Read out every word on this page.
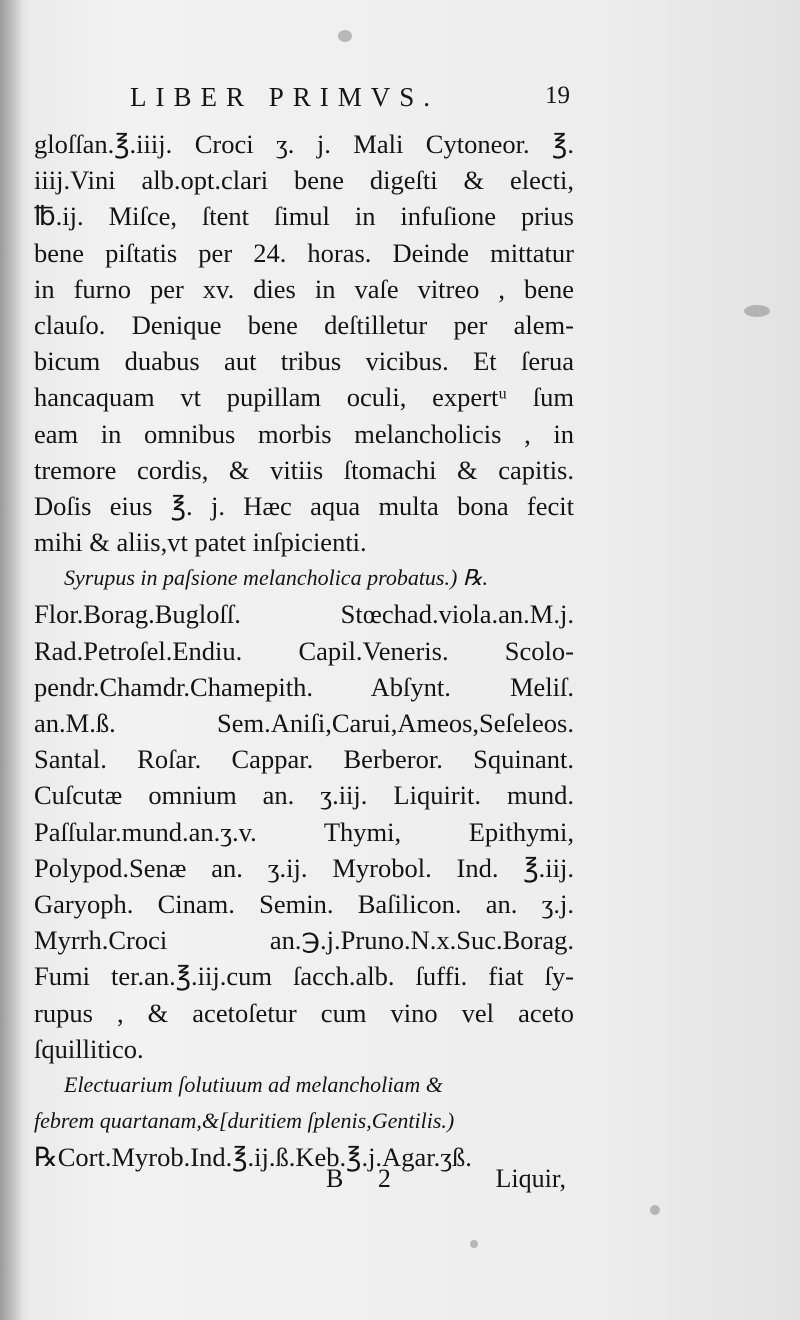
LIBER PRIMVS.	19
gloſſan.℥.iiij. Croci ʒ. j. Mali Cytoneor. ℥.
iiij.Vini alb.opt.clari bene digeſti & electi,
℔.ij. Miſce, ſtent ſimul in infuſione prius
bene piſtatis per 24. horas. Deinde mittatur
in furno per xv. dies in vaſe vitreo , bene
clauſo. Denique bene deſtilletur per alem-
bicum duabus aut tribus vicibus. Et ſerua
hancaquam vt pupillam oculi, expertᵘ ſum
eam in omnibus morbis melancholicis , in
tremore cordis, & vitiis ſtomachi & capitis.
Doſis eius ℥. j. Hæc aqua multa bona fecit
mihi & aliis,vt patet inſpicienti.
Syrupus in paſsione melancholica probatus.) ℞.
Flor.Borag.Bugloſſ. Stœchad.viola.an.M.j.
Rad.Petroſel.Endiu. Capil.Veneris. Scolo-
pendr.Chamdr.Chamepith. Abſynt. Meliſ.
an.M.ß. Sem.Aniſi,Carui,Ameos,Seſeleos.
Santal. Roſar. Cappar. Berberor. Squinant.
Cuſcutæ omnium an. ʒ.iij. Liquirit. mund.
Paſſular.mund.an.ʒ.v. Thymi, Epithymi,
Polypod.Senæ an. ʒ.ij. Myrobol. Ind. ℥.iij.
Garyoph. Cinam. Semin. Baſilicon. an. ʒ.j.
Myrrh.Croci an.℈.j.Pruno.N.x.Suc.Borag.
Fumi ter.an.℥.iij.cum ſacch.alb. ſuffi. fiat ſy-
rupus , & acetoſetur cum vino vel aceto
ſquillitico.
Electuarium ſolutiuum ad melancholiam &
febrem quartanam,&[duritiem ſplenis,Gentilis.)
℞Cort.Myrob.Ind.℥.ij.ß.Keb.℥.j.Agar.ʒß.
B 2	Liquir,
